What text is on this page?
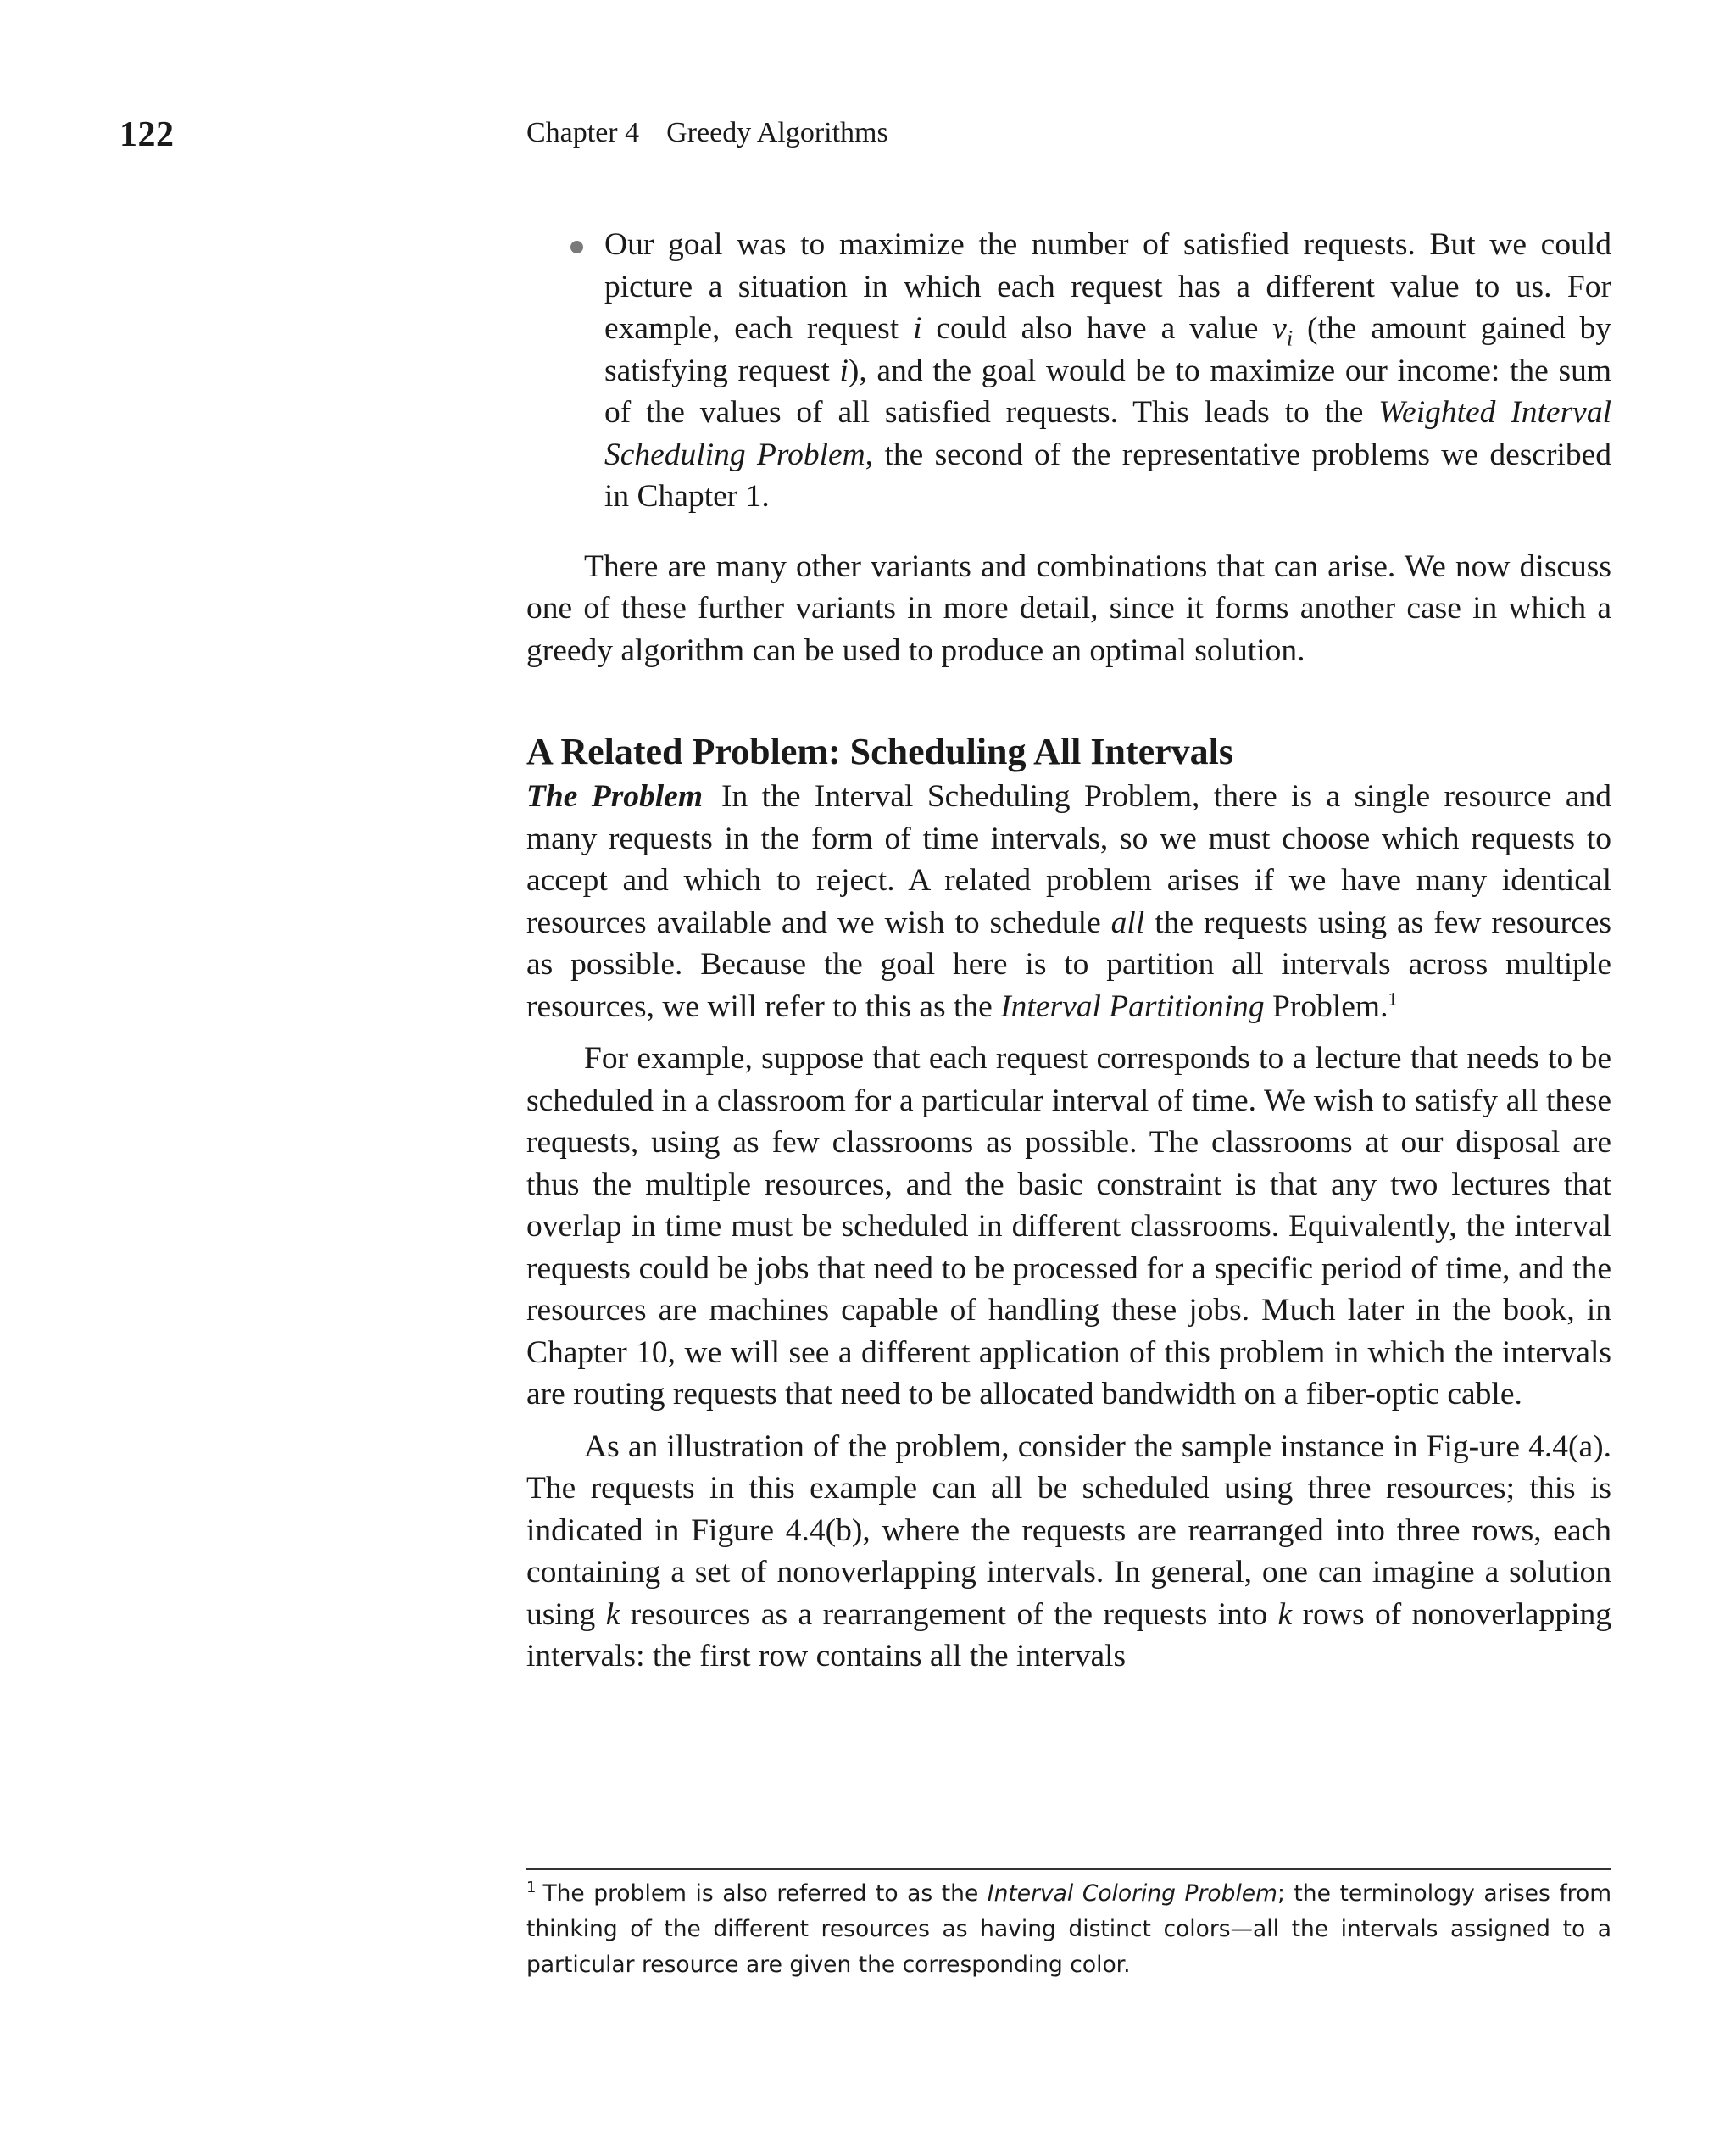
122	Chapter 4 Greedy Algorithms
Our goal was to maximize the number of satisfied requests. But we could picture a situation in which each request has a different value to us. For example, each request i could also have a value $v_i$ (the amount gained by satisfying request i), and the goal would be to maximize our income: the sum of the values of all satisfied requests. This leads to the Weighted Interval Scheduling Problem, the second of the representative problems we described in Chapter 1.

There are many other variants and combinations that can arise. We now discuss one of these further variants in more detail, since it forms another case in which a greedy algorithm can be used to produce an optimal solution.

A Related Problem: Scheduling All Intervals

The Problem In the Interval Scheduling Problem, there is a single resource and many requests in the form of time intervals, so we must choose which requests to accept and which to reject. A related problem arises if we have many identical resources available and we wish to schedule all the requests using as few resources as possible. Because the goal here is to partition all intervals across multiple resources, we will refer to this as the Interval Partitioning Problem.$^1$

For example, suppose that each request corresponds to a lecture that needs to be scheduled in a classroom for a particular interval of time. We wish to satisfy all these requests, using as few classrooms as possible. The classrooms at our disposal are thus the multiple resources, and the basic constraint is that any two lectures that overlap in time must be scheduled in different classrooms. Equivalently, the interval requests could be jobs that need to be processed for a specific period of time, and the resources are machines capable of handling these jobs. Much later in the book, in Chapter 10, we will see a different application of this problem in which the intervals are routing requests that need to be allocated bandwidth on a fiber-optic cable.

As an illustration of the problem, consider the sample instance in Fig-ure 4.4(a). The requests in this example can all be scheduled using three resources; this is indicated in Figure 4.4(b), where the requests are rearranged into three rows, each containing a set of nonoverlapping intervals. In general, one can imagine a solution using k resources as a rearrangement of the requests into k rows of nonoverlapping intervals: the first row contains all the intervals

$^1$ The problem is also referred to as the Interval Coloring Problem; the terminology arises from thinking of the different resources as having distinct colors—all the intervals assigned to a particular resource are given the corresponding color.
